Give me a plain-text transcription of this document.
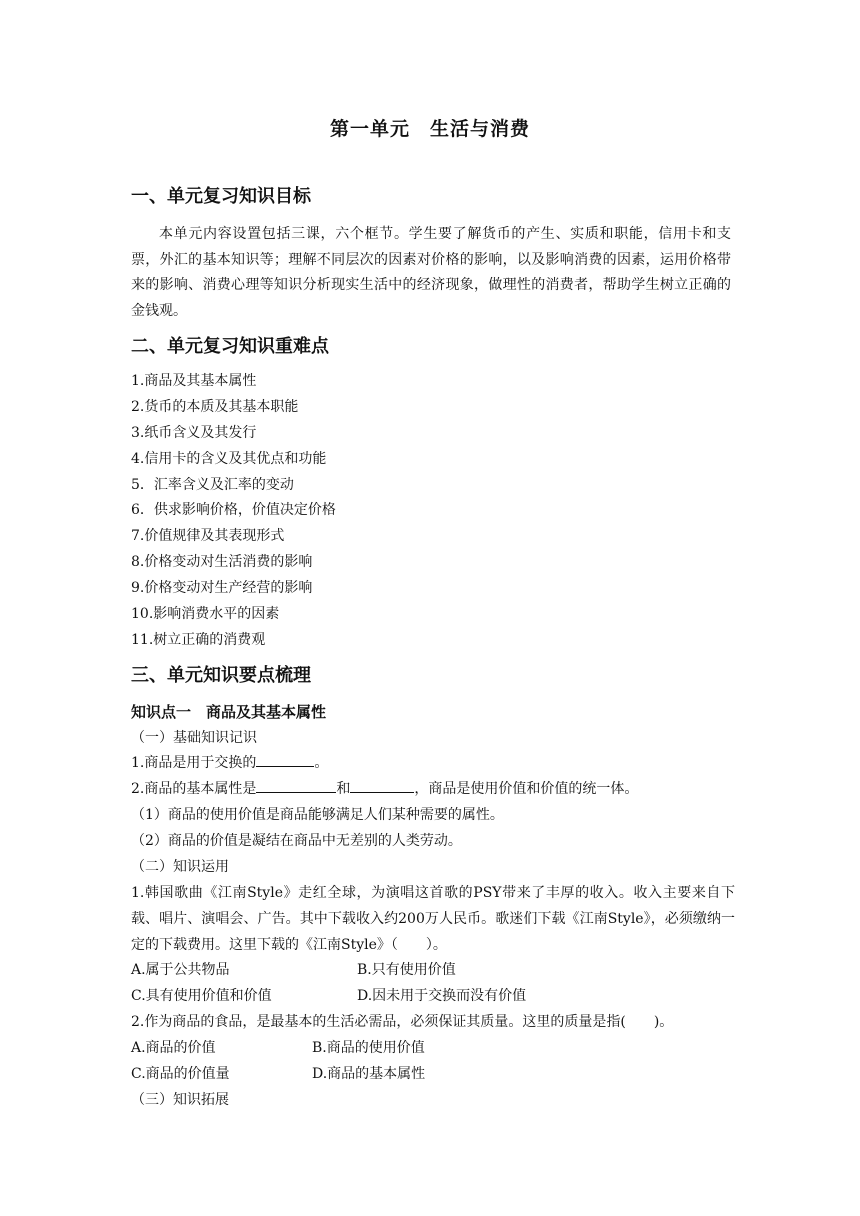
第一单元　生活与消费
一、单元复习知识目标
本单元内容设置包括三课，六个框节。学生要了解货币的产生、实质和职能，信用卡和支票，外汇的基本知识等；理解不同层次的因素对价格的影响，以及影响消费的因素，运用价格带来的影响、消费心理等知识分析现实生活中的经济现象，做理性的消费者，帮助学生树立正确的金钱观。
二、单元复习知识重难点
1.商品及其基本属性
2.货币的本质及其基本职能
3.纸币含义及其发行
4.信用卡的含义及其优点和功能
5．汇率含义及汇率的变动
6．供求影响价格，价值决定价格
7.价值规律及其表现形式
8.价格变动对生活消费的影响
9.价格变动对生产经营的影响
10.影响消费水平的因素
11.树立正确的消费观
三、单元知识要点梳理
知识点一　商品及其基本属性
（一）基础知识记识
1.商品是用于交换的	。
2.商品的基本属性是	和	，商品是使用价值和价值的统一体。
（1）商品的使用价值是商品能够满足人们某种需要的属性。
（2）商品的价值是凝结在商品中无差别的人类劳动。
（二）知识运用
1.韩国歌曲《江南Style》走红全球，为演唱这首歌的PSY带来了丰厚的收入。收入主要来自下载、唱片、演唱会、广告。其中下载收入约200万人民币。歌迷们下载《江南Style》，必须缴纳一定的下载费用。这里下载的《江南Style》（　　）。
A.属于公共物品	B.只有使用价值
C.具有使用价值和价值	D.因未用于交换而没有价值
2.作为商品的食品，是最基本的生活必需品，必须保证其质量。这里的质量是指(　　)。
A.商品的价值	B.商品的使用价值
C.商品的价值量	D.商品的基本属性
（三）知识拓展
